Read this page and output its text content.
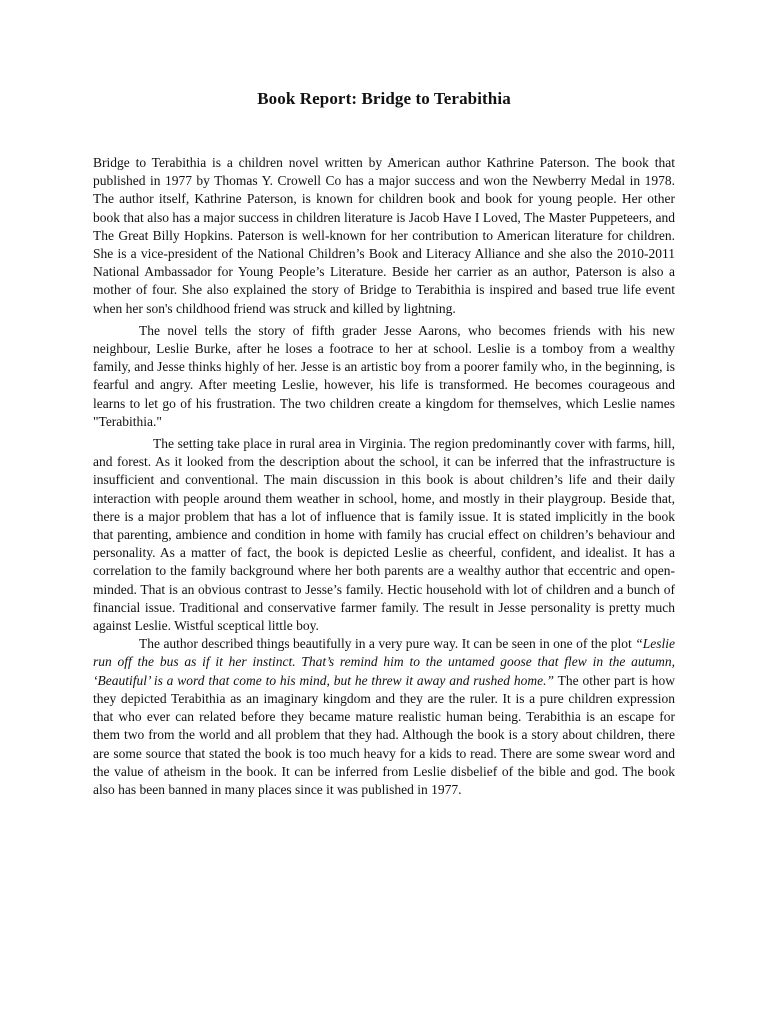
Book Report: Bridge to Terabithia

Bridge to Terabithia is a children novel written by American author Kathrine Paterson. The book that published in 1977 by Thomas Y. Crowell Co has a major success and won the Newberry Medal in 1978. The author itself, Kathrine Paterson, is known for children book and book for young people. Her other book that also has a major success in children literature is Jacob Have I Loved, The Master Puppeteers, and The Great Billy Hopkins. Paterson is well-known for her contribution to American literature for children. She is a vice-president of the National Children’s Book and Literacy Alliance and she also the 2010-2011 National Ambassador for Young People’s Literature. Beside her carrier as an author, Paterson is also a mother of four. She also explained the story of Bridge to Terabithia is inspired and based true life event when her son's childhood friend was struck and killed by lightning.

The novel tells the story of fifth grader Jesse Aarons, who becomes friends with his new neighbour, Leslie Burke, after he loses a footrace to her at school. Leslie is a tomboy from a wealthy family, and Jesse thinks highly of her. Jesse is an artistic boy from a poorer family who, in the beginning, is fearful and angry. After meeting Leslie, however, his life is transformed. He becomes courageous and learns to let go of his frustration. The two children create a kingdom for themselves, which Leslie names "Terabithia."

The setting take place in rural area in Virginia. The region predominantly cover with farms, hill, and forest. As it looked from the description about the school, it can be inferred that the infrastructure is insufficient and conventional. The main discussion in this book is about children’s life and their daily interaction with people around them weather in school, home, and mostly in their playgroup. Beside that, there is a major problem that has a lot of influence that is family issue. It is stated implicitly in the book that parenting, ambience and condition in home with family has crucial effect on children’s behaviour and personality. As a matter of fact, the book is depicted Leslie as cheerful, confident, and idealist. It has a correlation to the family background where her both parents are a wealthy author that eccentric and open-minded. That is an obvious contrast to Jesse’s family. Hectic household with lot of children and a bunch of financial issue. Traditional and conservative farmer family. The result in Jesse personality is pretty much against Leslie. Wistful sceptical little boy.

The author described things beautifully in a very pure way. It can be seen in one of the plot “Leslie run off the bus as if it her instinct. That’s remind him to the untamed goose that flew in the autumn, ‘Beautiful’ is a word that come to his mind, but he threw it away and rushed home.” The other part is how they depicted Terabithia as an imaginary kingdom and they are the ruler. It is a pure children expression that who ever can related before they became mature realistic human being. Terabithia is an escape for them two from the world and all problem that they had. Although the book is a story about children, there are some source that stated the book is too much heavy for a kids to read. There are some swear word and the value of atheism in the book. It can be inferred from Leslie disbelief of the bible and god. The book also has been banned in many places since it was published in 1977.
